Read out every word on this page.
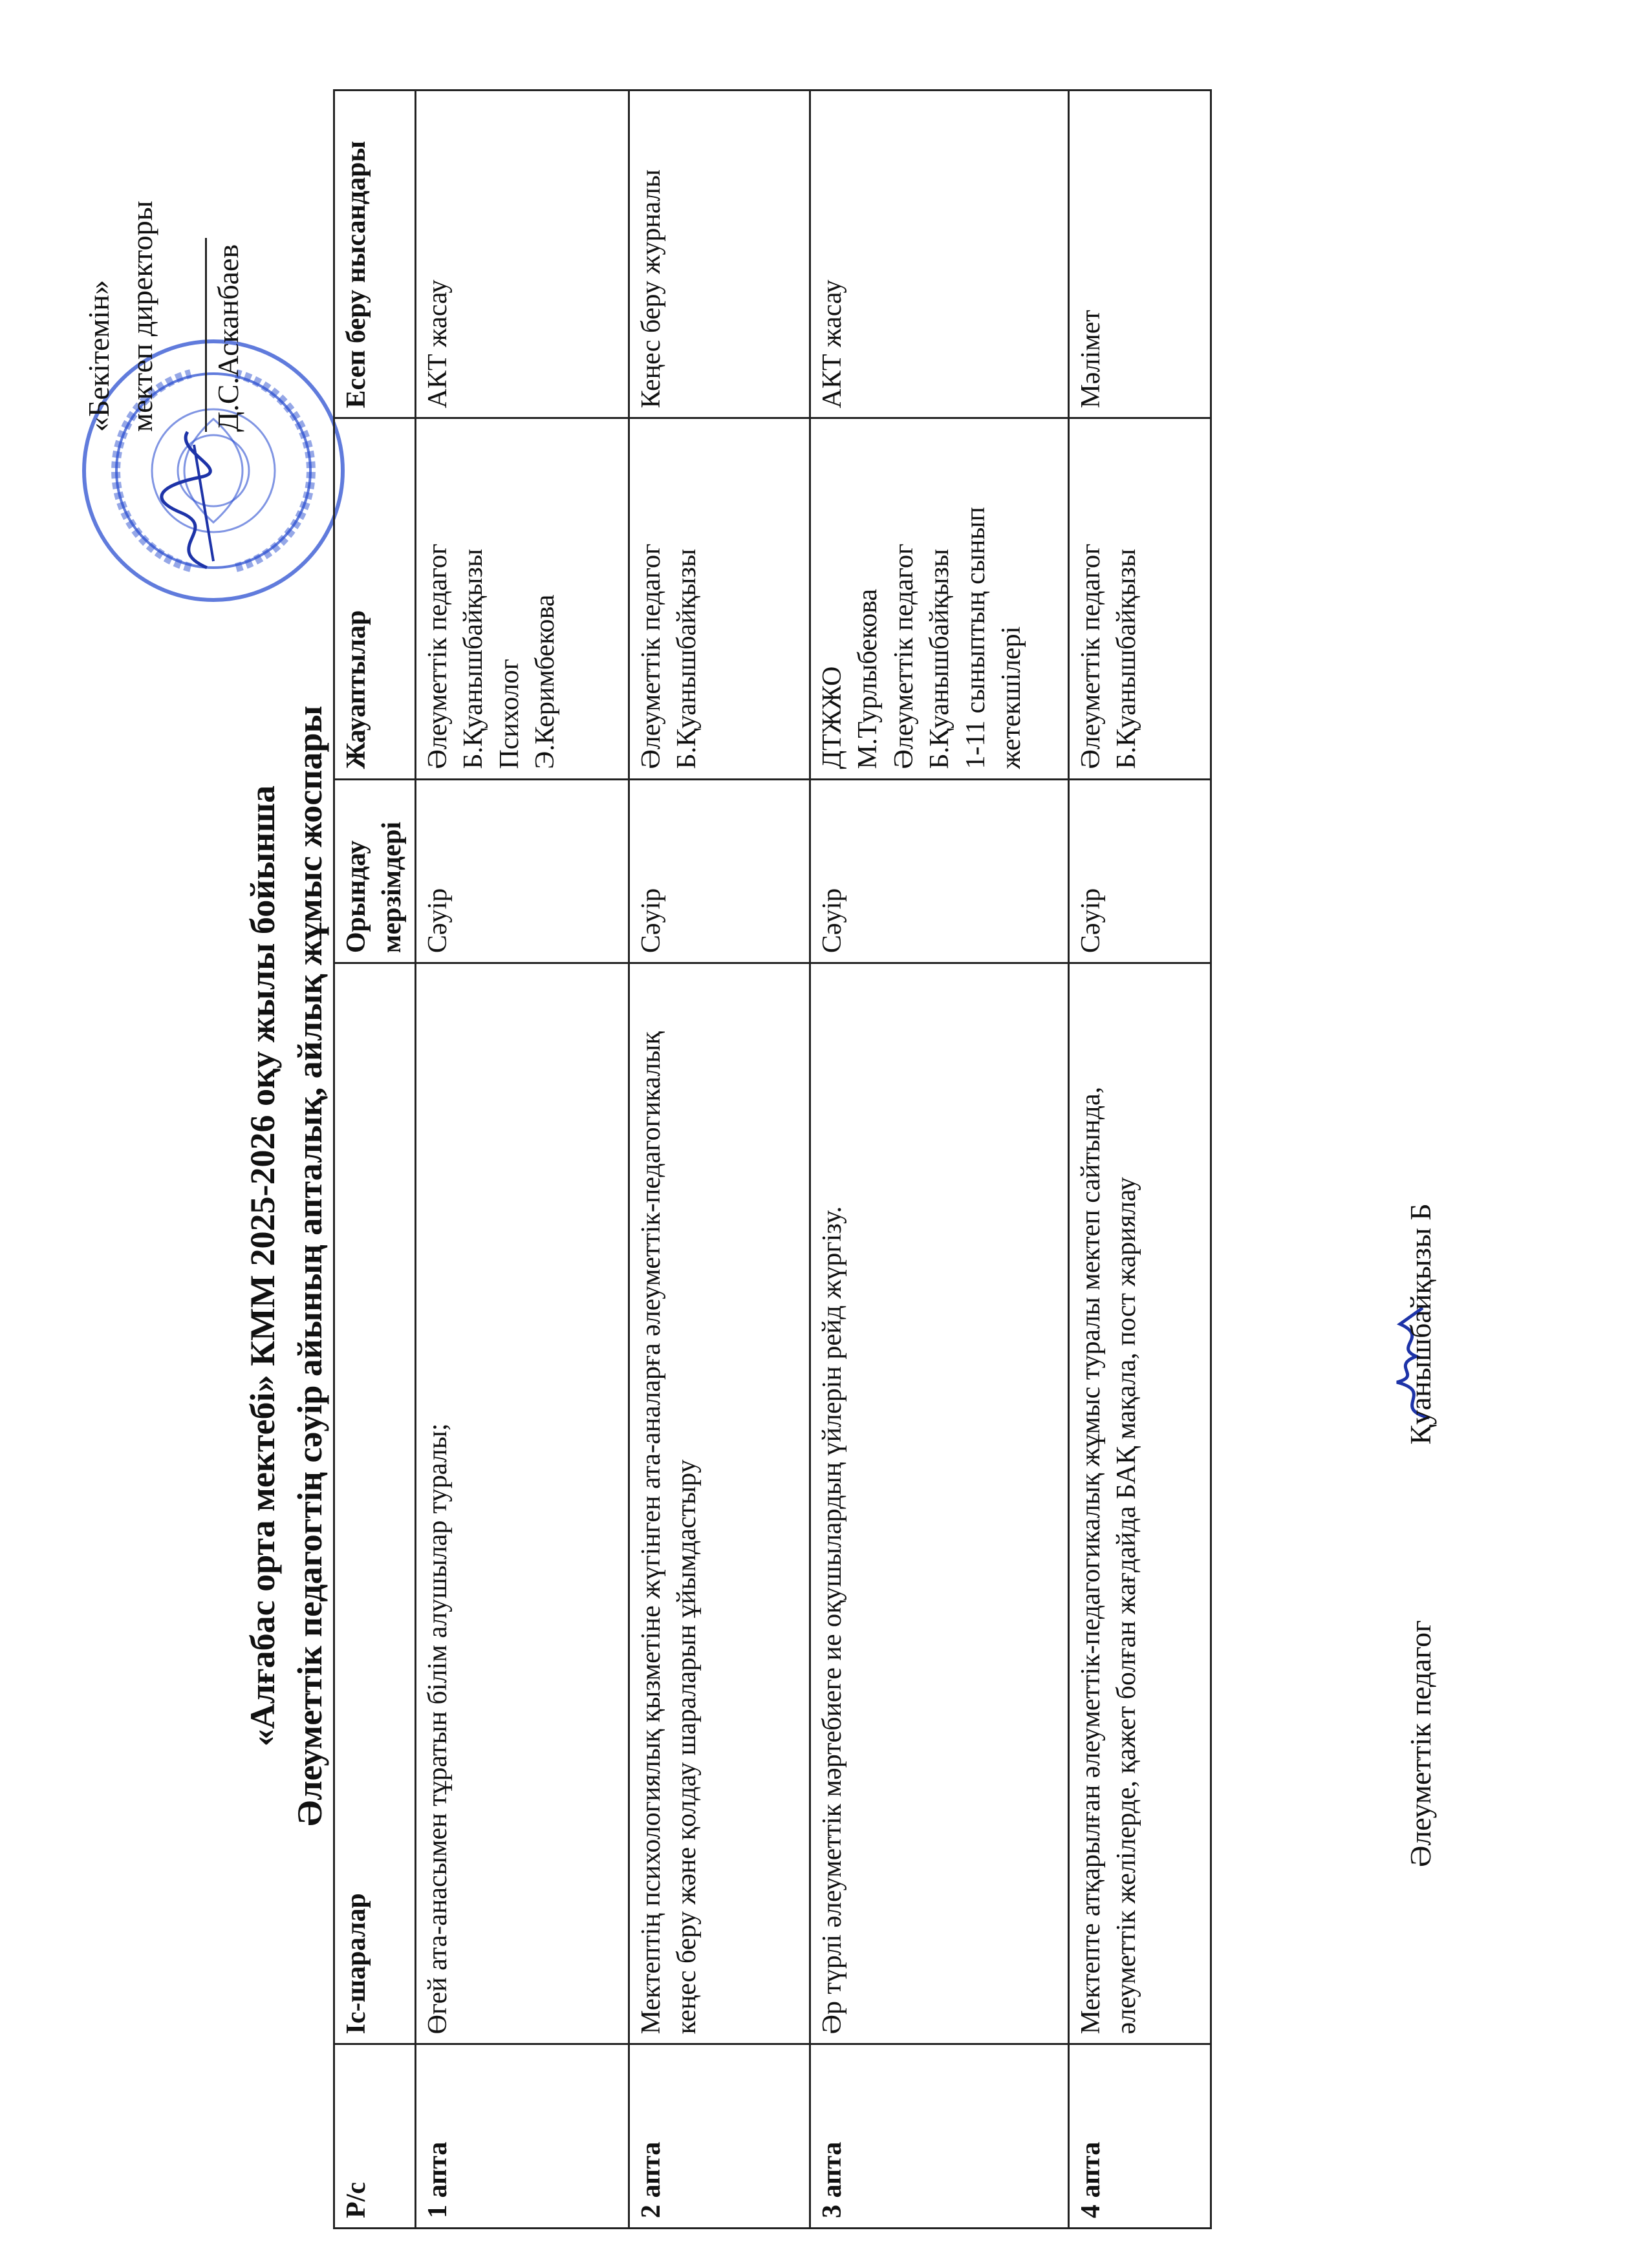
«Бекітемін» мектеп директоры	Д.С.Асканбаев
«Алғабас орта мектебі» КММ 2025-2026 оқу жылы бойынша Әлеуметтік педагогтің сәуір айының апталық, айлық жұмыс жоспары
Р/с	Іс-шаралар	Орындау мерзімдері	Жауаптылар	Есеп беру нысандары
1 апта	Өгей ата-анасымен тұратын білім алушылар туралы;	Сәуір	Әлеуметтік педагог Б.Қуанышбайқызы Психолог Э.Керимбекова	АКТ жасау
2 апта	Мектептің психологиялық қызметіне жүгінген ата-аналарға әлеуметтік-педагогикалық кеңес беру және қолдау шараларын ұйымдастыру	Сәуір	Әлеуметтік педагог Б.Қуанышбайқызы	Кеңес беру журналы
3 апта	Әр түрлі әлеуметтік мәртебиеге ие оқушылардың үйлерін рейд жүргізу.	Сәуір	ДТЖЖО М.Турлыбекова Әлеуметтік педагог Б.Қуанышбайқызы 1-11 сыныптың сынып жетекшілері	АКТ жасау
4 апта	Мектепте атқарылған әлеуметтік-педагогикалық жұмыс туралы мектеп сайтында, әлеуметтік желілерде, қажет болған жағдайда БАҚ мақала, пост жариялау	Сәуір	Әлеуметтік педагог Б.Қуанышбайқызы	Мәлімет
Әлеуметтік педагог Қуанышбайқызы Б
